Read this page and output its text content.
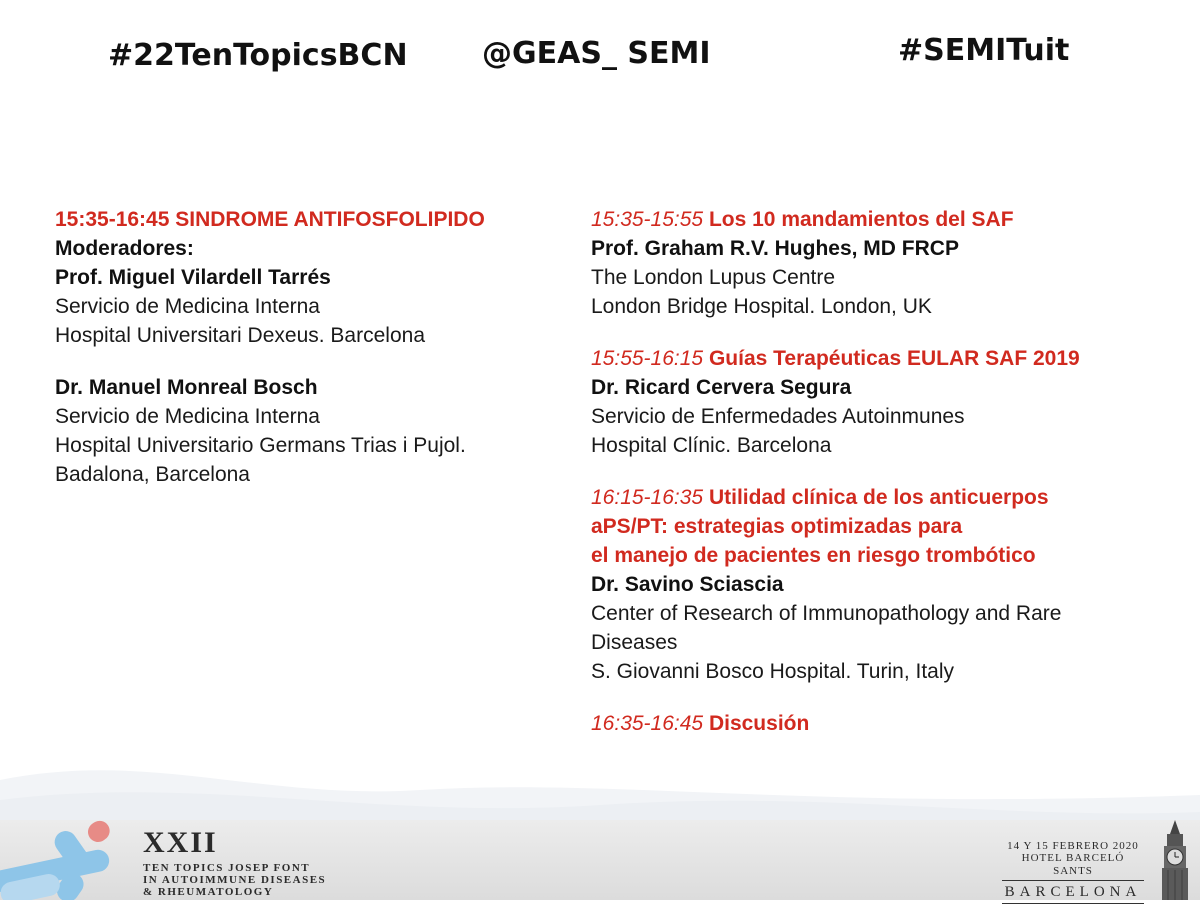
#22TenTopicsBCN @GEAS_ SEMI	#SEMITuit
15:35-16:45 SINDROME ANTIFOSFOLIPIDO
Moderadores:
Prof. Miguel Vilardell Tarrés
Servicio de Medicina Interna
Hospital Universitari Dexeus. Barcelona
Dr. Manuel Monreal Bosch
Servicio de Medicina Interna
Hospital Universitario Germans Trias i Pujol.
Badalona, Barcelona
15:35-15:55 Los 10 mandamientos del SAF
Prof. Graham R.V. Hughes, MD FRCP
The London Lupus Centre
London Bridge Hospital. London, UK
15:55-16:15 Guías Terapéuticas EULAR SAF 2019
Dr. Ricard Cervera Segura
Servicio de Enfermedades Autoinmunes
Hospital Clínic. Barcelona
16:15-16:35 Utilidad clínica de los anticuerpos
aPS/PT: estrategias optimizadas para
el manejo de pacientes en riesgo trombótico
Dr. Savino Sciascia
Center of Research of Immunopathology and Rare
Diseases
S. Giovanni Bosco Hospital. Turin, Italy
16:35-16:45 Discusión
XXII
TEN TOPICS JOSEP FONT
IN AUTOIMMUNE DISEASES
& RHEUMATOLOGY
14 Y 15 FEBRERO 2020
HOTEL BARCELÓ SANTS
BARCELONA
